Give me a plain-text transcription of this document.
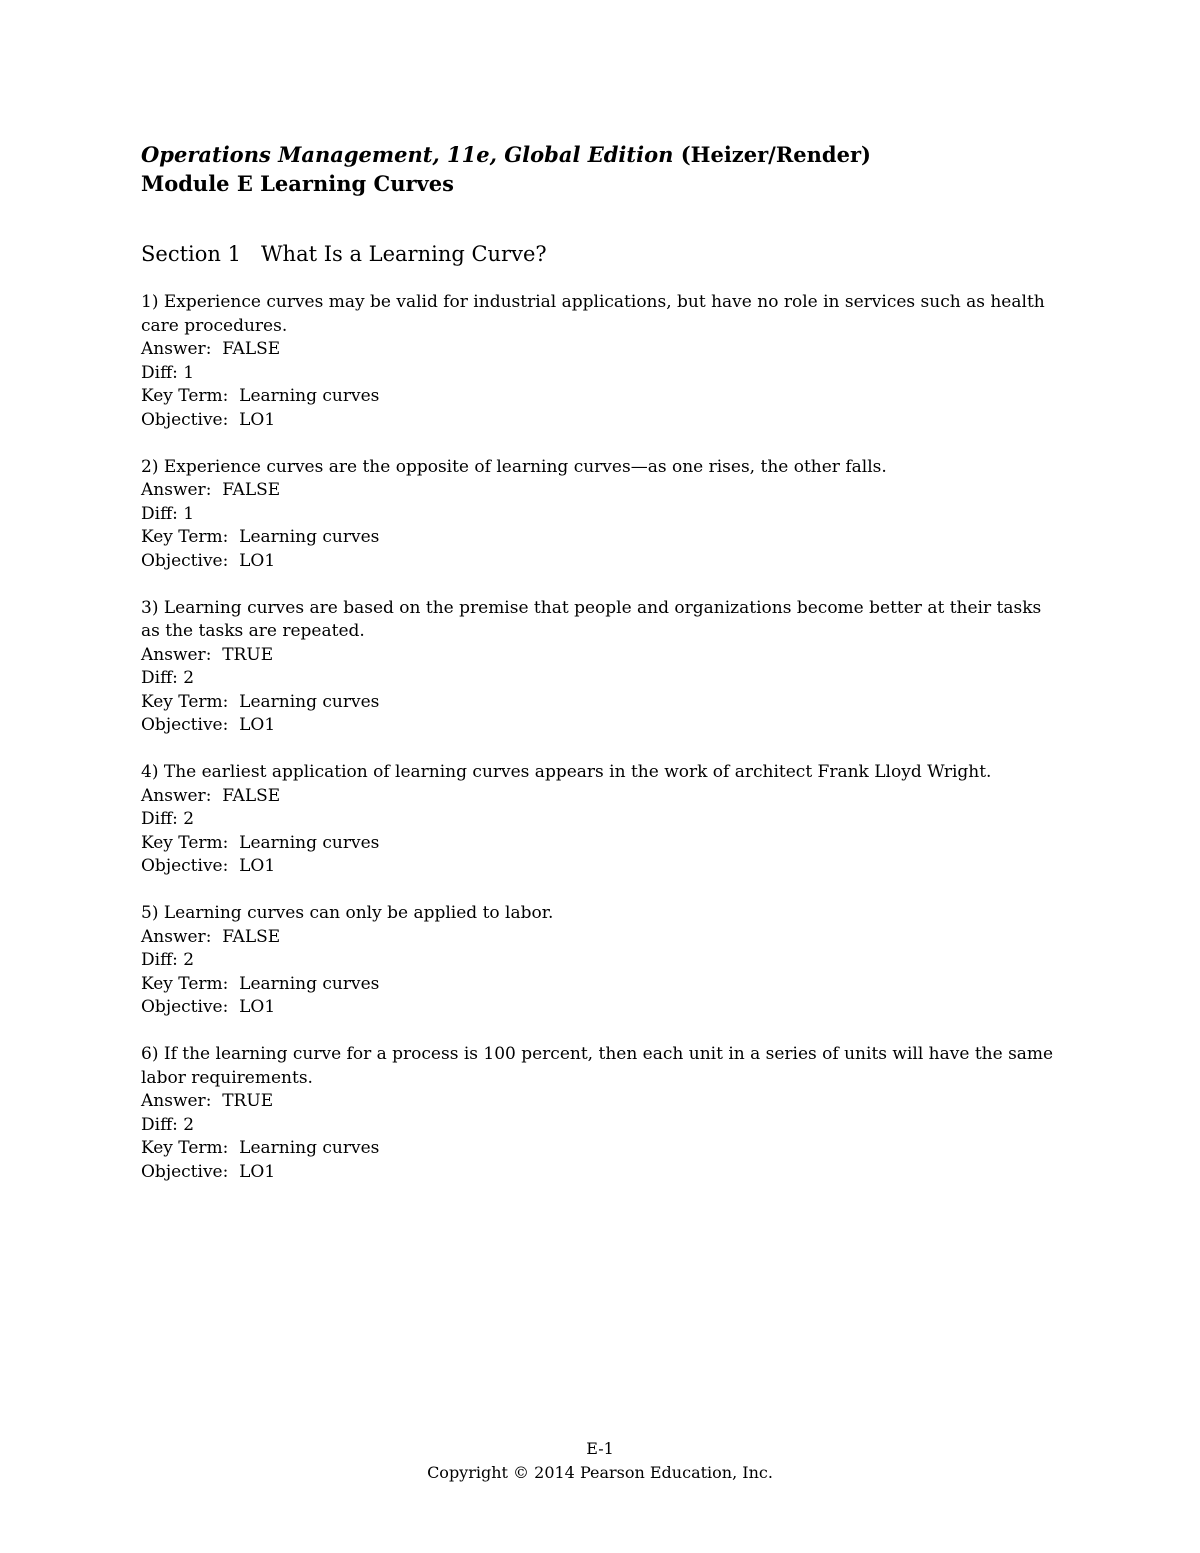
Operations Management, 11e, Global Edition (Heizer/Render)
Module E Learning Curves
Section 1   What Is a Learning Curve?
1) Experience curves may be valid for industrial applications, but have no role in services such as health care procedures.
Answer:  FALSE
Diff: 1
Key Term:  Learning curves
Objective:  LO1
2) Experience curves are the opposite of learning curves—as one rises, the other falls.
Answer:  FALSE
Diff: 1
Key Term:  Learning curves
Objective:  LO1
3) Learning curves are based on the premise that people and organizations become better at their tasks as the tasks are repeated.
Answer:  TRUE
Diff: 2
Key Term:  Learning curves
Objective:  LO1
4) The earliest application of learning curves appears in the work of architect Frank Lloyd Wright.
Answer:  FALSE
Diff: 2
Key Term:  Learning curves
Objective:  LO1
5) Learning curves can only be applied to labor.
Answer:  FALSE
Diff: 2
Key Term:  Learning curves
Objective:  LO1
6) If the learning curve for a process is 100 percent, then each unit in a series of units will have the same labor requirements.
Answer:  TRUE
Diff: 2
Key Term:  Learning curves
Objective:  LO1
E-1
Copyright © 2014 Pearson Education, Inc.
